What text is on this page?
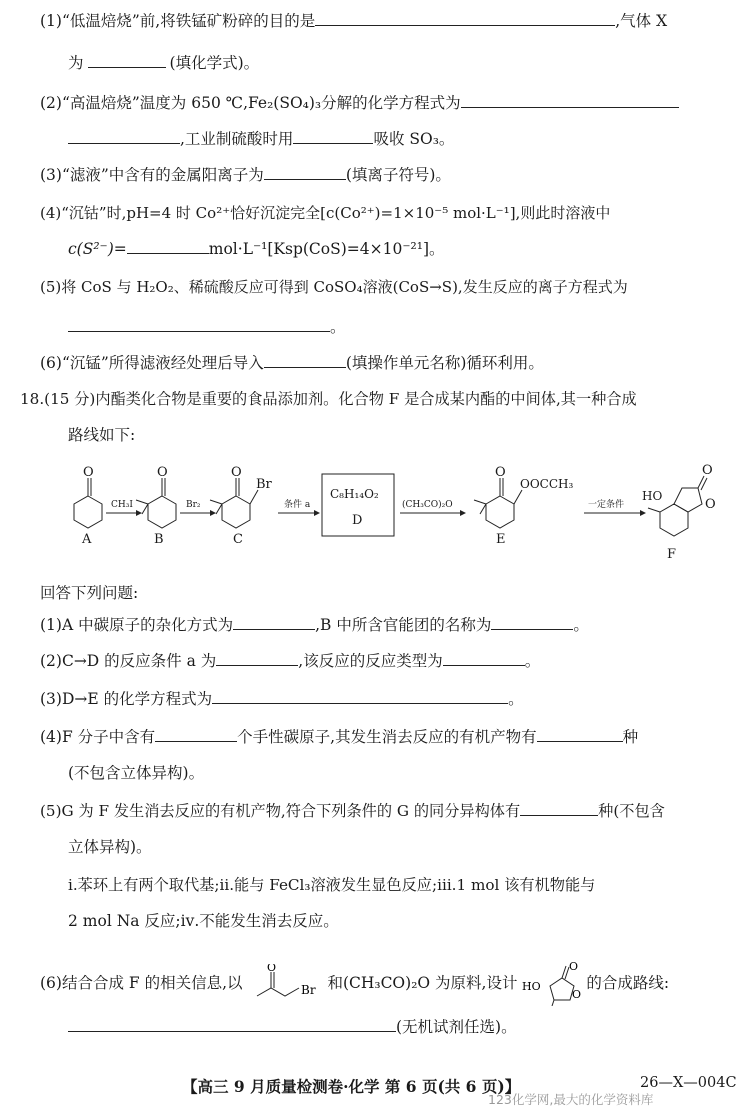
(1)“低温焙烧”前,将铁锰矿粉碎的目的是	,气体 X
为	(填化学式)。
(2)“高温焙烧”温度为 650 ℃,Fe₂(SO₄)₃分解的化学方程式为
,工业制硫酸时用	吸收 SO₃。
(3)“滤液”中含有的金属阳离子为	(填离子符号)。
(4)“沉钴”时,pH=4 时 Co²⁺恰好沉淀完全[c(Co²⁺)=1×10⁻⁵ mol·L⁻¹],则此时溶液中
c(S²⁻)=	mol·L⁻¹[Ksp(CoS)=4×10⁻²¹]。
(5)将 CoS 与 H₂O₂、稀硫酸反应可得到 CoSO₄溶液(CoS→S),发生反应的离子方程式为
。
(6)“沉锰”所得滤液经处理后导入	(填操作单元名称)循环利用。
18.(15 分)内酯类化合物是重要的食品添加剂。化合物 F 是合成某内酯的中间体,其一种合成
路线如下:
O
A
CH₃I
O
B
Br₂
O
Br
C
条件 a
C₈H₁₄O₂
D
(CH₃CO)₂O
O
OOCCH₃
E
一定条件
O
O
HO
F
回答下列问题:
(1)A 中碳原子的杂化方式为	,B 中所含官能团的名称为	。
(2)C→D 的反应条件 a 为	,该反应的反应类型为	。
(3)D→E 的化学方程式为	。
(4)F 分子中含有	个手性碳原子,其发生消去反应的有机产物有	种
(不包含立体异构)。
(5)G 为 F 发生消去反应的有机产物,符合下列条件的 G 的同分异构体有	种(不包含
立体异构)。
ⅰ.苯环上有两个取代基;ⅱ.能与 FeCl₃溶液发生显色反应;ⅲ.1 mol 该有机物能与
2 mol Na 反应;ⅳ.不能发生消去反应。
(6)结合合成 F 的相关信息,以
O
Br 和(CH₃CO)₂O 为原料,设计 HO
O
O
的合成路线:
(无机试剂任选)。
【高三 9 月质量检测卷·化学 第 6 页(共 6 页)】	26—X—004C
123化学网,最大的化学资料库
